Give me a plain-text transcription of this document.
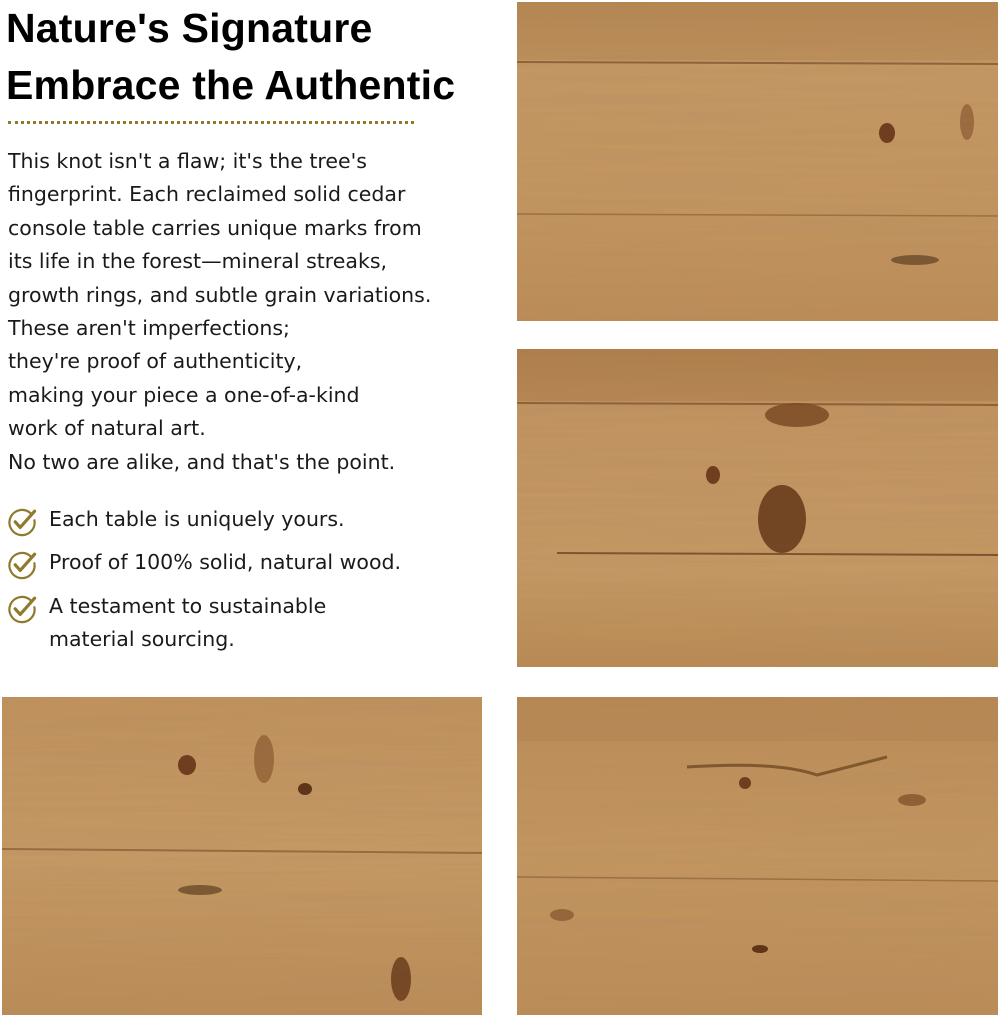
Nature's Signature
Embrace the Authentic
This knot isn't a flaw; it's the tree's
fingerprint. Each reclaimed solid cedar
console table carries unique marks from
its life in the forest—mineral streaks,
growth rings, and subtle grain variations.
These aren't imperfections;
they're proof of authenticity,
making your piece a one-of-a-kind
work of natural art.
No two are alike, and that's the point.
Each table is uniquely yours.
Proof of 100% solid, natural wood.
A testament to sustainable
material sourcing.
